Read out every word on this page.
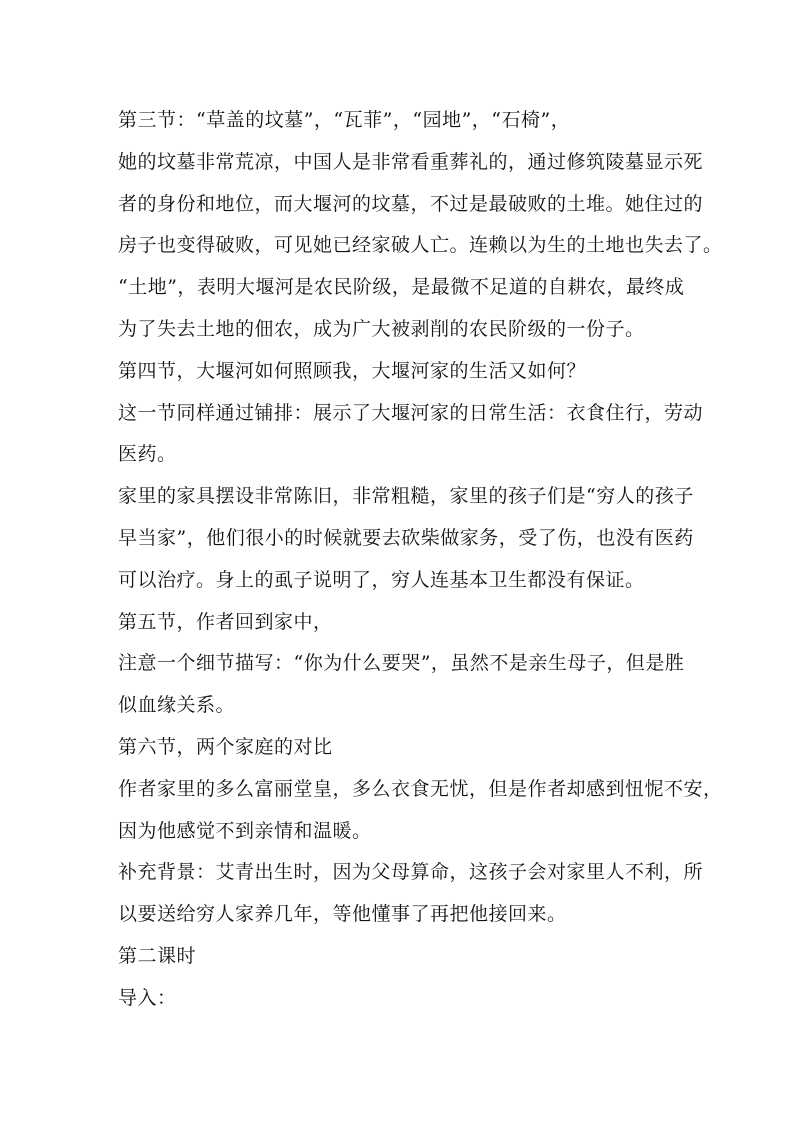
第三节：“草盖的坟墓”，“瓦菲”，“园地”，“石椅”，
她的坟墓非常荒凉，中国人是非常看重葬礼的，通过修筑陵墓显示死
者的身份和地位，而大堰河的坟墓，不过是最破败的土堆。她住过的
房子也变得破败，可见她已经家破人亡。连赖以为生的土地也失去了。
“土地”，表明大堰河是农民阶级，是最微不足道的自耕农，最终成
为了失去土地的佃农，成为广大被剥削的农民阶级的一份子。
第四节，大堰河如何照顾我，大堰河家的生活又如何？
这一节同样通过铺排：展示了大堰河家的日常生活：衣食住行，劳动
医药。
家里的家具摆设非常陈旧，非常粗糙，家里的孩子们是“穷人的孩子
早当家”，他们很小的时候就要去砍柴做家务，受了伤，也没有医药
可以治疗。身上的虱子说明了，穷人连基本卫生都没有保证。
第五节，作者回到家中，
注意一个细节描写：“你为什么要哭”，虽然不是亲生母子，但是胜
似血缘关系。
第六节，两个家庭的对比
作者家里的多么富丽堂皇，多么衣食无忧，但是作者却感到忸怩不安，
因为他感觉不到亲情和温暖。
补充背景：艾青出生时，因为父母算命，这孩子会对家里人不利，所
以要送给穷人家养几年，等他懂事了再把他接回来。
第二课时
导入：
